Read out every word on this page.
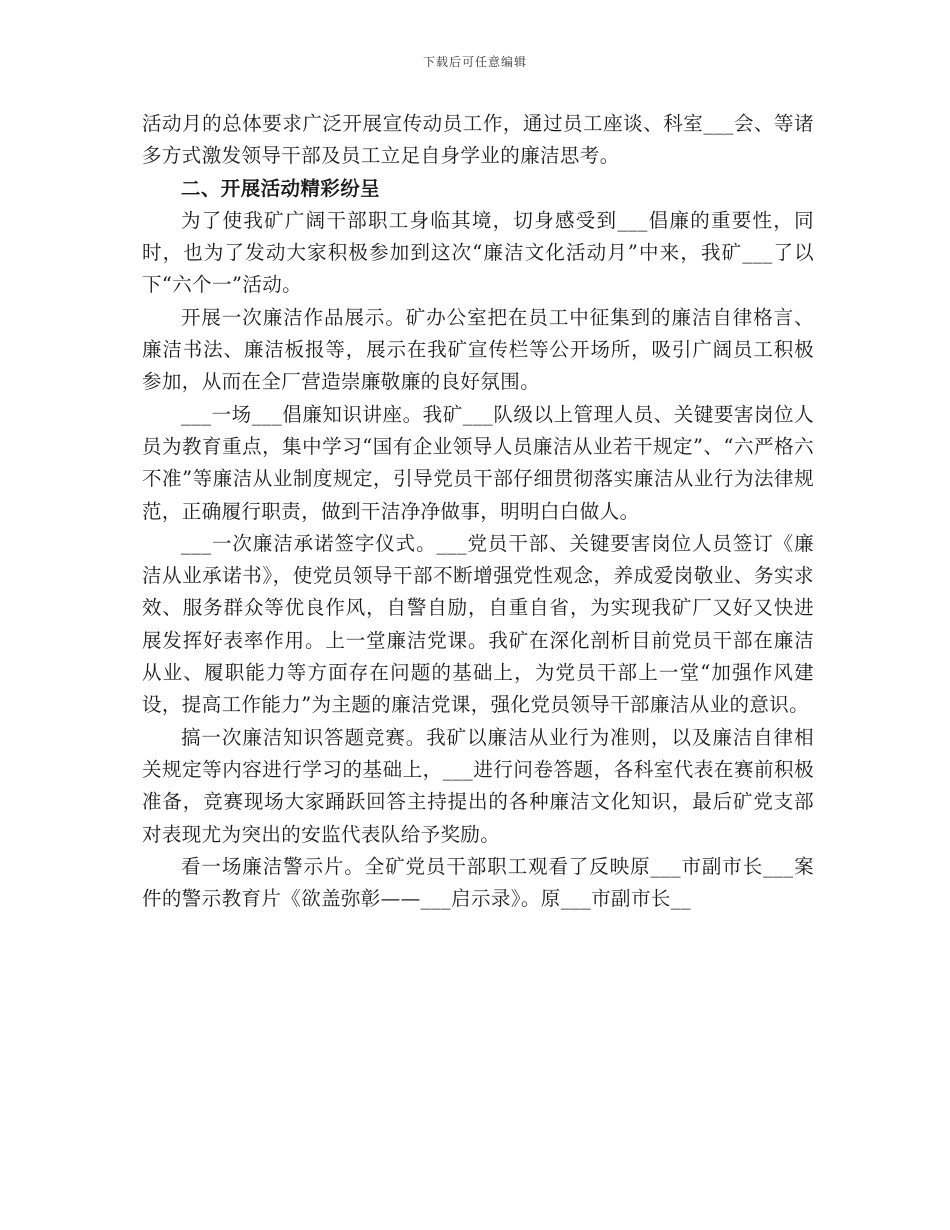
下载后可任意编辑

活动月的总体要求广泛开展宣传动员工作，通过员工座谈、科室___会、等诸多方式激发领导干部及员工立足自身学业的廉洁思考。

二、开展活动精彩纷呈

为了使我矿广阔干部职工身临其境，切身感受到___倡廉的重要性，同时，也为了发动大家积极参加到这次“廉洁文化活动月”中来，我矿___了以下“六个一”活动。

开展一次廉洁作品展示。矿办公室把在员工中征集到的廉洁自律格言、廉洁书法、廉洁板报等，展示在我矿宣传栏等公开场所，吸引广阔员工积极参加，从而在全厂营造崇廉敬廉的良好氛围。

___一场___倡廉知识讲座。我矿___队级以上管理人员、关键要害岗位人员为教育重点，集中学习“国有企业领导人员廉洁从业若干规定”、“六严格六不准”等廉洁从业制度规定，引导党员干部仔细贯彻落实廉洁从业行为法律规范，正确履行职责，做到干洁净净做事，明明白白做人。

___一次廉洁承诺签字仪式。___党员干部、关键要害岗位人员签订《廉洁从业承诺书》，使党员领导干部不断增强党性观念，养成爱岗敬业、务实求效、服务群众等优良作风，自警自励，自重自省，为实现我矿厂又好又快进展发挥好表率作用。上一堂廉洁党课。我矿在深化剖析目前党员干部在廉洁从业、履职能力等方面存在问题的基础上，为党员干部上一堂“加强作风建设，提高工作能力”为主题的廉洁党课，强化党员领导干部廉洁从业的意识。

搞一次廉洁知识答题竞赛。我矿以廉洁从业行为准则，以及廉洁自律相关规定等内容进行学习的基础上，___进行问卷答题，各科室代表在赛前积极准备，竞赛现场大家踊跃回答主持提出的各种廉洁文化知识，最后矿党支部对表现尤为突出的安监代表队给予奖励。

看一场廉洁警示片。全矿党员干部职工观看了反映原___市副市长___案件的警示教育片《欲盖弥彰——___启示录》。原___市副市长__
